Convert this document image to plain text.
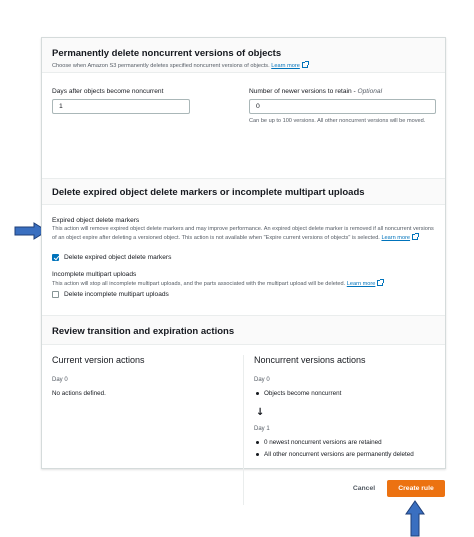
Permanently delete noncurrent versions of objects
Choose when Amazon S3 permanently deletes specified noncurrent versions of objects. Learn more
Days after objects become noncurrent
1
Number of newer versions to retain - Optional
0
Can be up to 100 versions. All other noncurrent versions will be moved.
Delete expired object delete markers or incomplete multipart uploads
Expired object delete markers
This action will remove expired object delete markers and may improve performance. An expired object delete marker is removed if all noncurrent versions of an object expire after deleting a versioned object. This action is not available when "Expire current versions of objects" is selected. Learn more
Delete expired object delete markers
Incomplete multipart uploads
This action will stop all incomplete multipart uploads, and the parts associated with the multipart upload will be deleted. Learn more
Delete incomplete multipart uploads
Review transition and expiration actions
Current version actions
Day 0
No actions defined.
Noncurrent versions actions
Day 0
Objects become noncurrent
↓
Day 1
0 newest noncurrent versions are retained
All other noncurrent versions are permanently deleted
Cancel	Create rule
